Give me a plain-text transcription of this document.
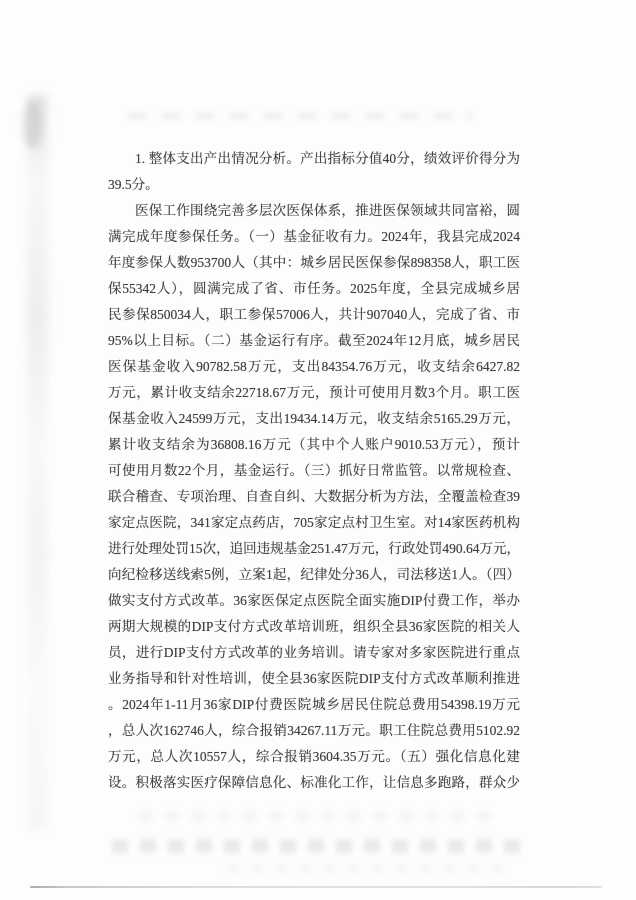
1. 整体支出产出情况分析。产出指标分值40分，绩效评价得分为
39.5分。
医保工作围绕完善多层次医保体系，推进医保领域共同富裕，圆
满完成年度参保任务。（一）基金征收有力。2024年，我县完成2024
年度参保人数953700人（其中：城乡居民医保参保898358人，职工医
保55342人），圆满完成了省、市任务。2025年度，全县完成城乡居
民参保850034人，职工参保57006人，共计907040人，完成了省、市
95%以上目标。（二）基金运行有序。截至2024年12月底，城乡居民
医保基金收入90782.58万元，支出84354.76万元，收支结余6427.82
万元，累计收支结余22718.67万元，预计可使用月数3个月。职工医
保基金收入24599万元，支出19434.14万元，收支结余5165.29万元，
累计收支结余为36808.16万元（其中个人账户9010.53万元），预计
可使用月数22个月，基金运行。（三）抓好日常监管。以常规检查、
联合稽查、专项治理、自查自纠、大数据分析为方法，全覆盖检查39
家定点医院，341家定点药店，705家定点村卫生室。对14家医药机构
进行处理处罚15次，追回违规基金251.47万元，行政处罚490.64万元，
向纪检移送线索5例，立案1起，纪律处分36人，司法移送1人。（四）
做实支付方式改革。36家医保定点医院全面实施DIP付费工作，举办
两期大规模的DIP支付方式改革培训班，组织全县36家医院的相关人
员，进行DIP支付方式改革的业务培训。请专家对多家医院进行重点
业务指导和针对性培训，使全县36家医院DIP支付方式改革顺利推进
。2024年1-11月36家DIP付费医院城乡居民住院总费用54398.19万元
，总人次162746人，综合报销34267.11万元。职工住院总费用5102.92
万元，总人次10557人，综合报销3604.35万元。（五）强化信息化建
设。积极落实医疗保障信息化、标准化工作，让信息多跑路，群众少
